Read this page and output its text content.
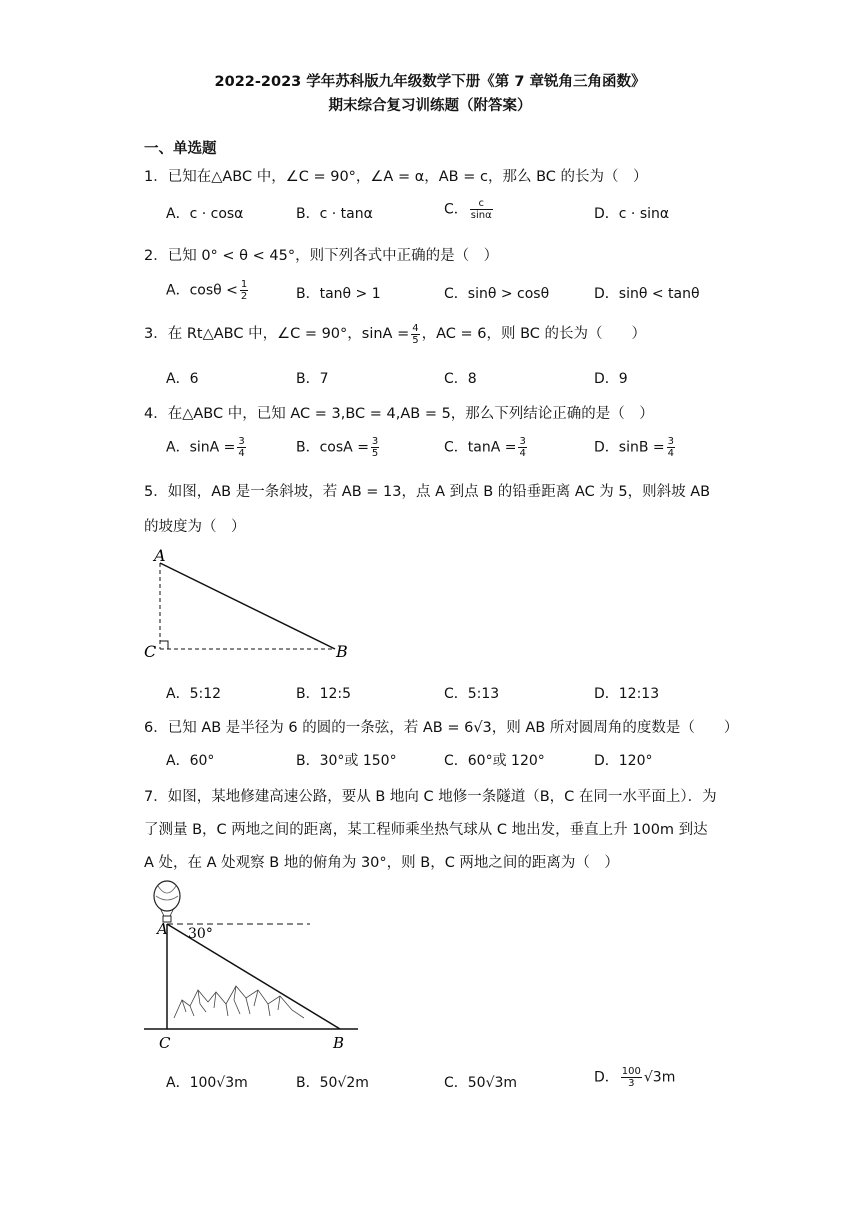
2022-2023 学年苏科版九年级数学下册《第 7 章锐角三角函数》
期末综合复习训练题（附答案）
一、单选题
1．已知在△ABC 中，∠C = 90°，∠A = α，AB = c，那么 BC 的长为（　）
A．c · cosα	B．c · tanα	C． $\frac{c}{\sin\alpha}$	D．c · sinα
2．已知 0° < θ < 45°，则下列各式中正确的是（　）
A．$\cos\theta < \frac{1}{2}$	B．tanθ > 1	C．sinθ > cosθ	D．sinθ < tanθ
3．在 Rt△ABC 中，∠C = 90°，$\sin A = \frac{4}{5}$ ，AC = 6，则 BC 的长为（　　）
A．6	B．7	C．8	D．9
4．在△ABC 中，已知 AC = 3,BC = 4,AB = 5，那么下列结论正确的是（　）
A．$\sin A = \frac{3}{4}$	B．$\cos A = \frac{3}{5}$	C．$\tan A = \frac{3}{4}$	D．$\sin B = \frac{3}{4}$
5．如图，AB 是一条斜坡，若 AB = 13，点 A 到点 B 的铅垂距离 AC 为 5，则斜坡 AB
的坡度为（　）
A
C	B
A．5:12	B．12:5	C．5:13	D．12:13
6．已知 AB 是半径为 6 的圆的一条弦，若 AB = 6√3，则 AB 所对圆周角的度数是（　　）
A．60°	B．30°或 150°	C．60°或 120°	D．120°
7．如图，某地修建高速公路，要从 B 地向 C 地修一条隧道（B，C 在同一水平面上）．为
了测量 B，C 两地之间的距离，某工程师乘坐热气球从 C 地出发，垂直上升 100m 到达
A 处，在 A 处观察 B 地的俯角为 30°，则 B，C 两地之间的距离为（　）
A 30°
C	B
A．100√3m	B．50√2m	C．50√3m	D． $\frac{100}{3} √3m$
